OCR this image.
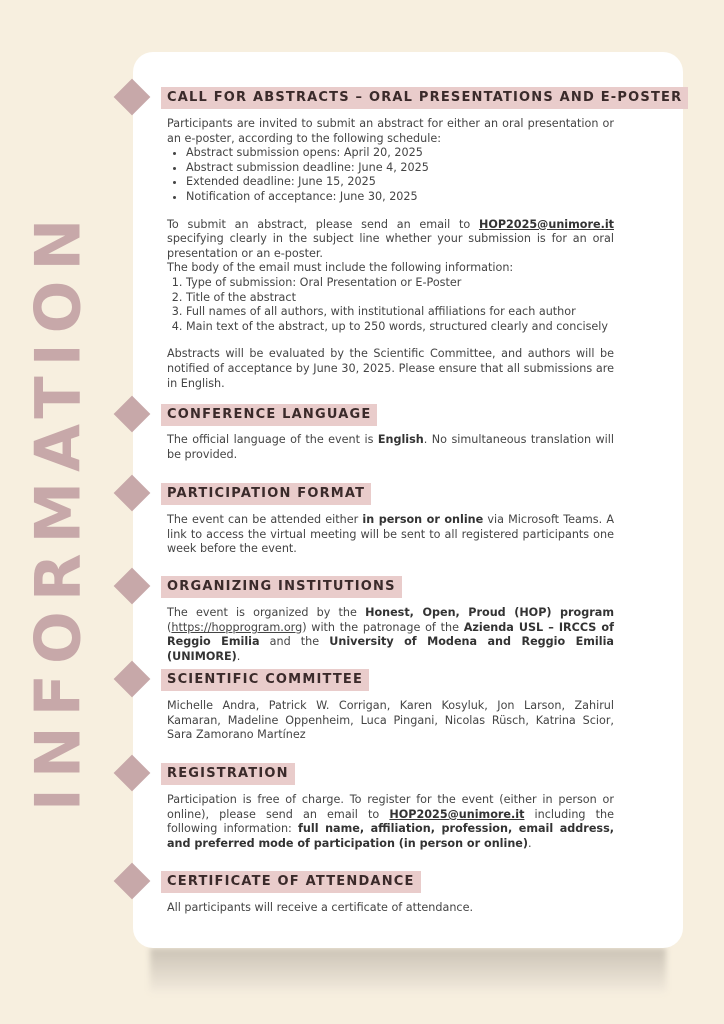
INFORMATION
CALL FOR ABSTRACTS – ORAL PRESENTATIONS AND E-POSTER

Participants are invited to submit an abstract for either an oral presentation or an e-poster, according to the following schedule:

• Abstract submission opens: April 20, 2025
• Abstract submission deadline: June 4, 2025
• Extended deadline: June 15, 2025
• Notification of acceptance: June 30, 2025

To submit an abstract, please send an email to HOP2025@unimore.it specifying clearly in the subject line whether your submission is for an oral presentation or an e-poster.

The body of the email must include the following information:

1. Type of submission: Oral Presentation or E-Poster
2. Title of the abstract
3. Full names of all authors, with institutional affiliations for each author
4. Main text of the abstract, up to 250 words, structured clearly and concisely

Abstracts will be evaluated by the Scientific Committee, and authors will be notified of acceptance by June 30, 2025. Please ensure that all submissions are in English.

CONFERENCE LANGUAGE

The official language of the event is English. No simultaneous translation will be provided.

PARTICIPATION FORMAT

The event can be attended either in person or online via Microsoft Teams. A link to access the virtual meeting will be sent to all registered participants one week before the event.

ORGANIZING INSTITUTIONS

The event is organized by the Honest, Open, Proud (HOP) program (https://hopprogram.org) with the patronage of the Azienda USL – IRCCS of Reggio Emilia and the University of Modena and Reggio Emilia (UNIMORE).

SCIENTIFIC COMMITTEE

Michelle Andra, Patrick W. Corrigan, Karen Kosyluk, Jon Larson, Zahirul Kamaran, Madeline Oppenheim, Luca Pingani, Nicolas Rüsch, Katrina Scior, Sara Zamorano Martínez

REGISTRATION

Participation is free of charge. To register for the event (either in person or online), please send an email to HOP2025@unimore.it including the following information: full name, affiliation, profession, email address, and preferred mode of participation (in person or online).

CERTIFICATE OF ATTENDANCE

All participants will receive a certificate of attendance.
